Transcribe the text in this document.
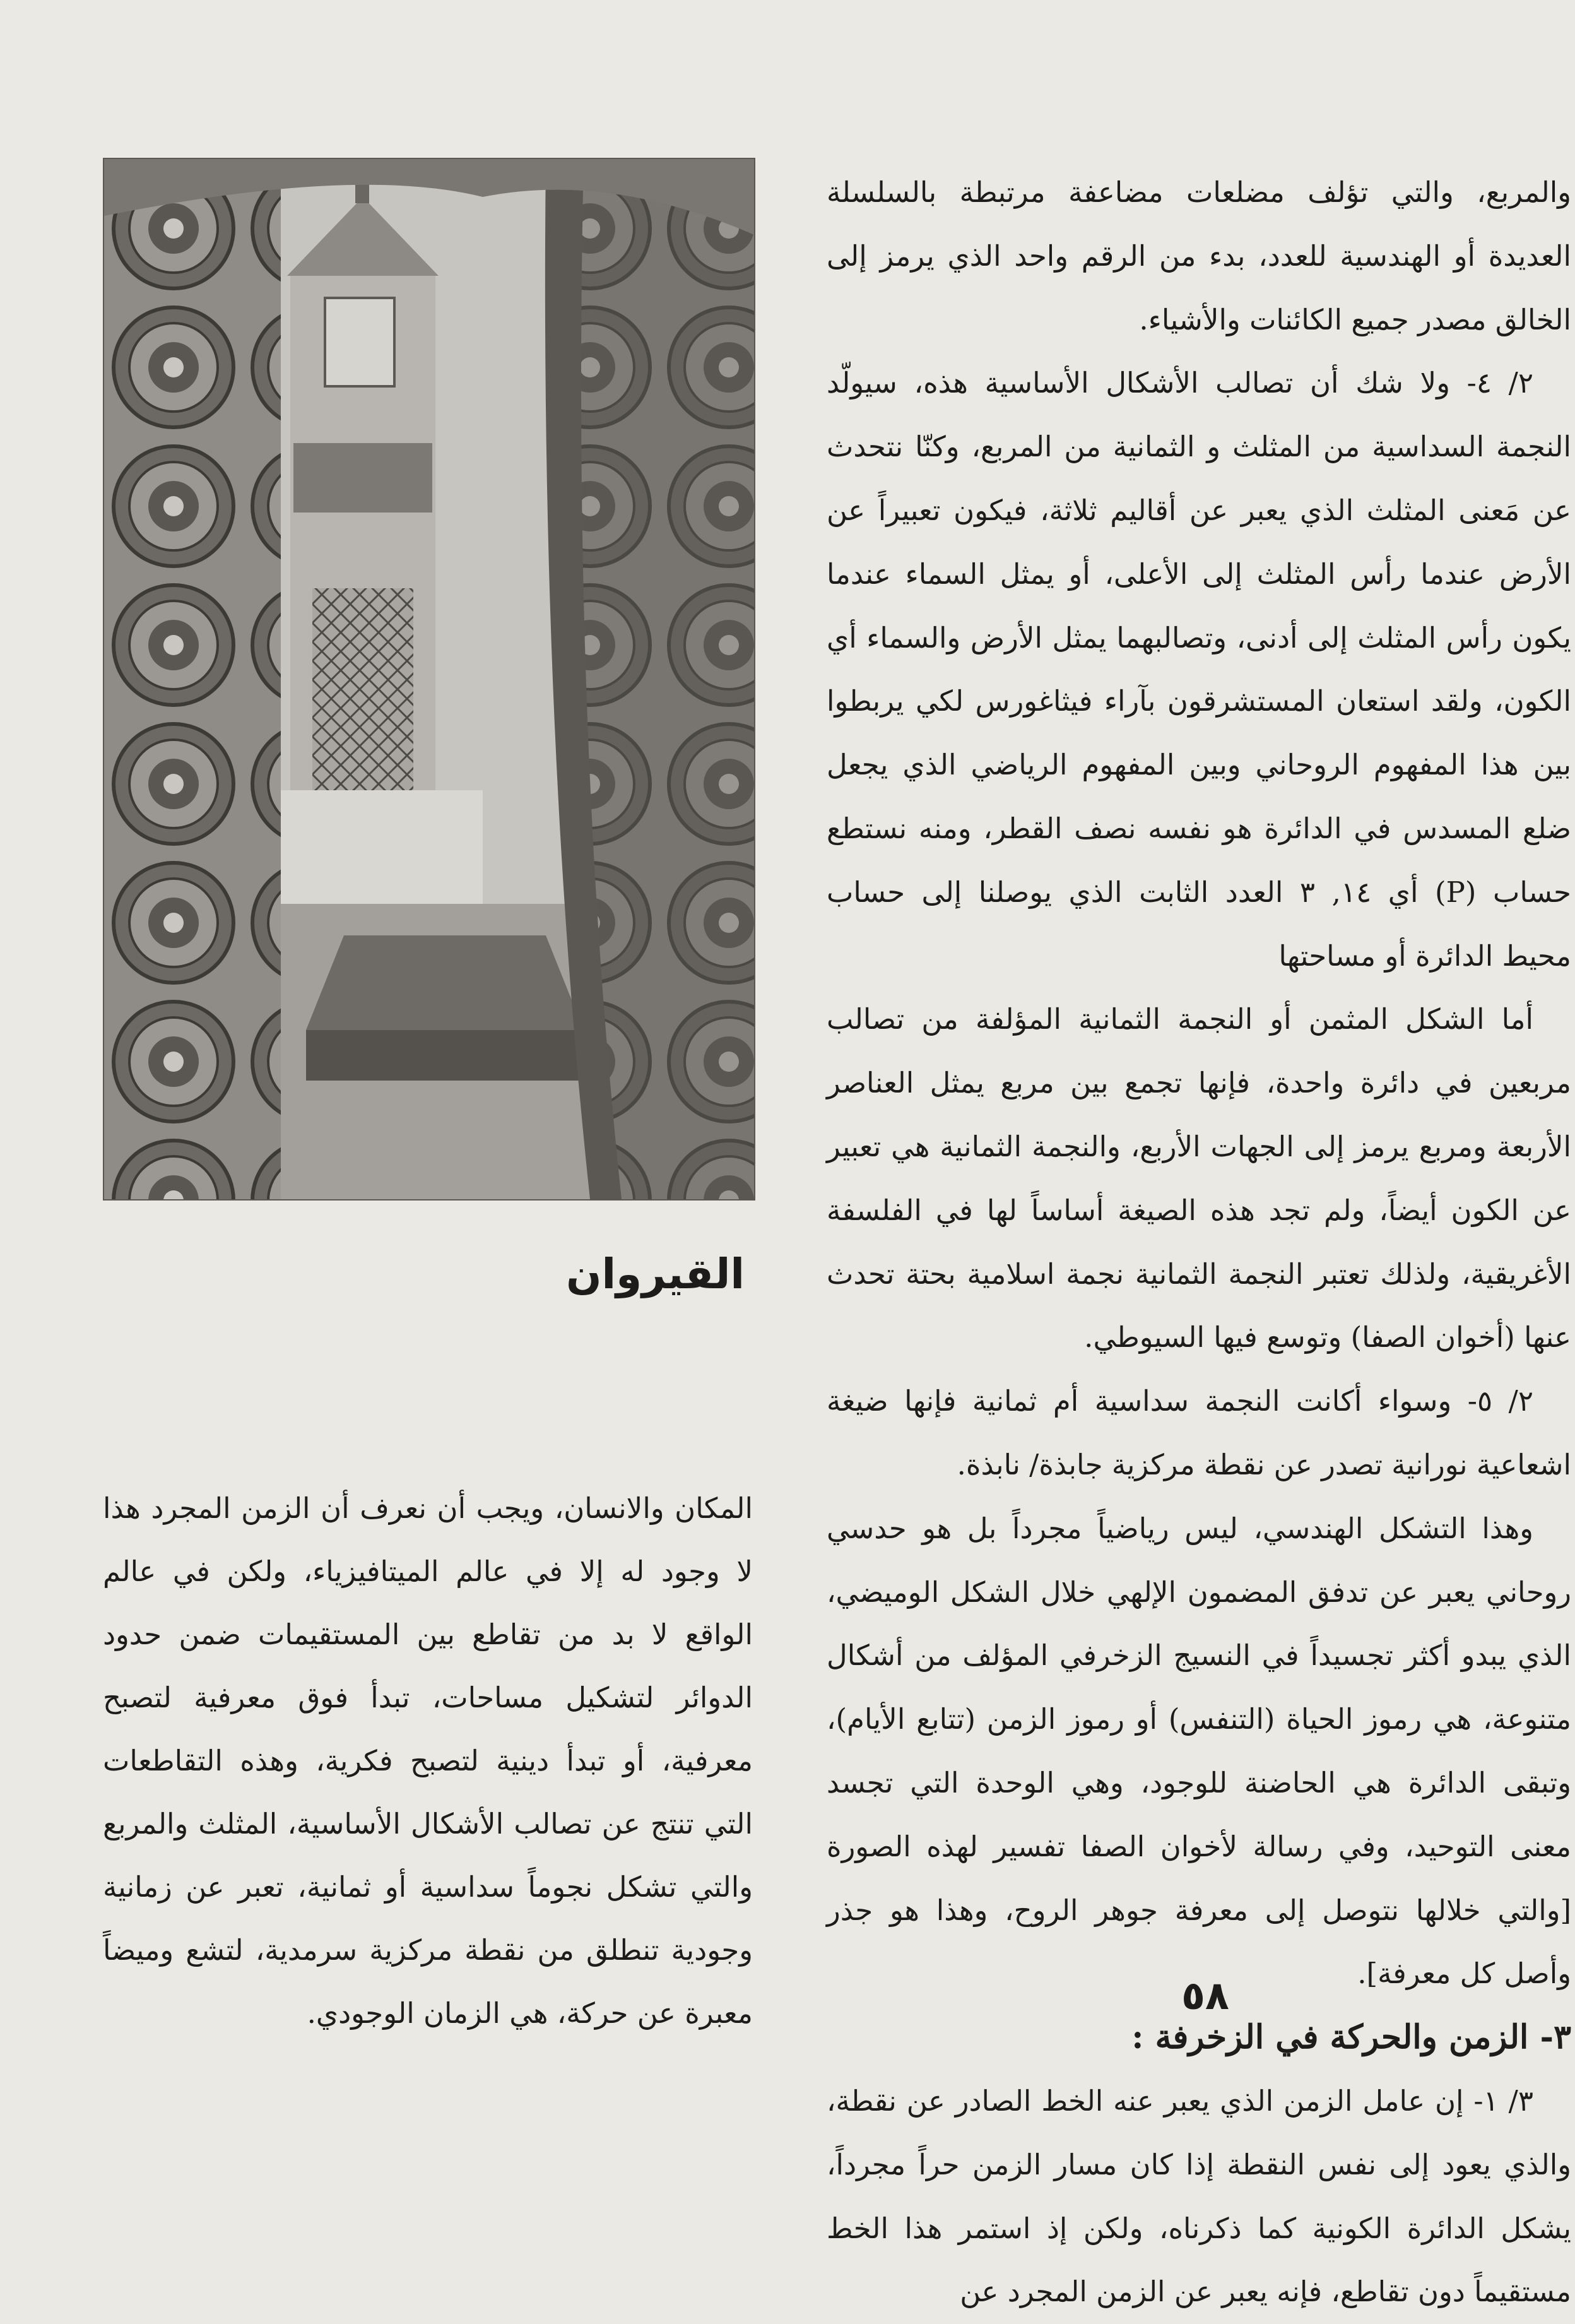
والمربع، والتي تؤلف مضلعات مضاعفة مرتبطة بالسلسلة العديدة أو الهندسية للعدد، بدء من الرقم واحد الذي يرمز إلى الخالق مصدر جميع الكائنات والأشياء.

٢/ ٤- ولا شك أن تصالب الأشكال الأساسية هذه، سيولّد النجمة السداسية من المثلث و الثمانية من المربع، وكنّا نتحدث عن مَعنى المثلث الذي يعبر عن أقاليم ثلاثة، فيكون تعبيراً عن الأرض عندما رأس المثلث إلى الأعلى، أو يمثل السماء عندما يكون رأس المثلث إلى أدنى، وتصالبهما يمثل الأرض والسماء أي الكون، ولقد استعان المستشرقون بآراء فيثاغورس لكي يربطوا بين هذا المفهوم الروحاني وبين المفهوم الرياضي الذي يجعل ضلع المسدس في الدائرة هو نفسه نصف القطر، ومنه نستطع حساب (P) أي ١٤, ٣ العدد الثابت الذي يوصلنا إلى حساب محيط الدائرة أو مساحتها

أما الشكل المثمن أو النجمة الثمانية المؤلفة من تصالب مربعين في دائرة واحدة، فإنها تجمع بين مربع يمثل العناصر الأربعة ومربع يرمز إلى الجهات الأربع، والنجمة الثمانية هي تعبير عن الكون أيضاً، ولم تجد هذه الصيغة أساساً لها في الفلسفة الأغريقية، ولذلك تعتبر النجمة الثمانية نجمة اسلامية بحتة تحدث عنها (أخوان الصفا) وتوسع فيها السيوطي.

٢/ ٥- وسواء أكانت النجمة سداسية أم ثمانية فإنها ضيغة اشعاعية نورانية تصدر عن نقطة مركزية جابذة/ نابذة.

وهذا التشكل الهندسي، ليس رياضياً مجرداً بل هو حدسي روحاني يعبر عن تدفق المضمون الإلهي خلال الشكل الوميضي، الذي يبدو أكثر تجسيداً في النسيج الزخرفي المؤلف من أشكال متنوعة، هي رموز الحياة (التنفس) أو رموز الزمن (تتابع الأيام)، وتبقى الدائرة هي الحاضنة للوجود، وهي الوحدة التي تجسد معنى التوحيد، وفي رسالة لأخوان الصفا تفسير لهذه الصورة [والتي خلالها نتوصل إلى معرفة جوهر الروح، وهذا هو جذر وأصل كل معرفة].

٣- الزمن والحركة في الزخرفة :

٣/ ١- إن عامل الزمن الذي يعبر عنه الخط الصادر عن نقطة، والذي يعود إلى نفس النقطة إذا كان مسار الزمن حراً مجرداً، يشكل الدائرة الكونية كما ذكرناه، ولكن إذ استمر هذا الخط مستقيماً دون تقاطع، فإنه يعبر عن الزمن المجرد عن

القيروان

المكان والانسان، ويجب أن نعرف أن الزمن المجرد هذا لا وجود له إلا في عالم الميتافيزياء، ولكن في عالم الواقع لا بد من تقاطع بين المستقيمات ضمن حدود الدوائر لتشكيل مساحات، تبدأ فوق معرفية لتصبح معرفية، أو تبدأ دينية لتصبح فكرية، وهذه التقاطعات التي تنتج عن تصالب الأشكال الأساسية، المثلث والمربع والتي تشكل نجوماً سداسية أو ثمانية، تعبر عن زمانية وجودية تنطلق من نقطة مركزية سرمدية، لتشع وميضاً معبرة عن حركة، هي الزمان الوجودي.	٥٨
